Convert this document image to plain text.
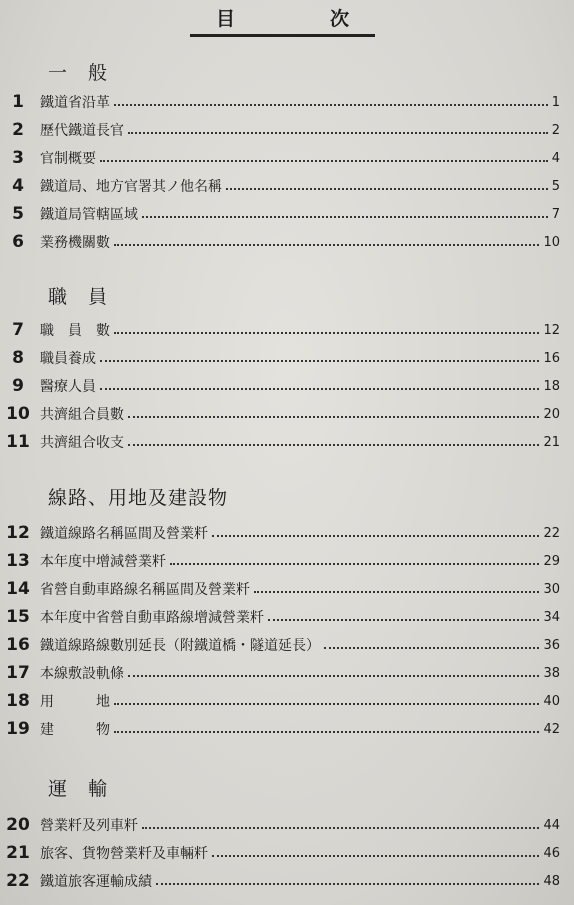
目	次
一　般
職　員
線路、用地及建設物
運　輸
1	鐵道省沿革	1
2	歷代鐵道長官	2
3	官制概要	4
4	鐵道局、地方官署其ノ他名稱	5
5	鐵道局管轄區域	7
6	業務機關數	10
7	職　員　數	12
8	職員養成	16
9	醫療人員	18
10 共濟組合員數	20
11 共濟組合收支	21
12 鐵道線路名稱區間及營業粁	22
13 本年度中增減營業粁	29
14 省營自動車路線名稱區間及營業粁	30
15 本年度中省營自動車路線增減營業粁	34
16 鐵道線路線數別延長（附鐵道橋・隧道延長）	36
17 本線敷設軌條	38
18 用　　　地	40
19 建　　　物	42
20 營業粁及列車粁	44
21 旅客、貨物營業粁及車輛粁	46
22 鐵道旅客運輸成績	48
